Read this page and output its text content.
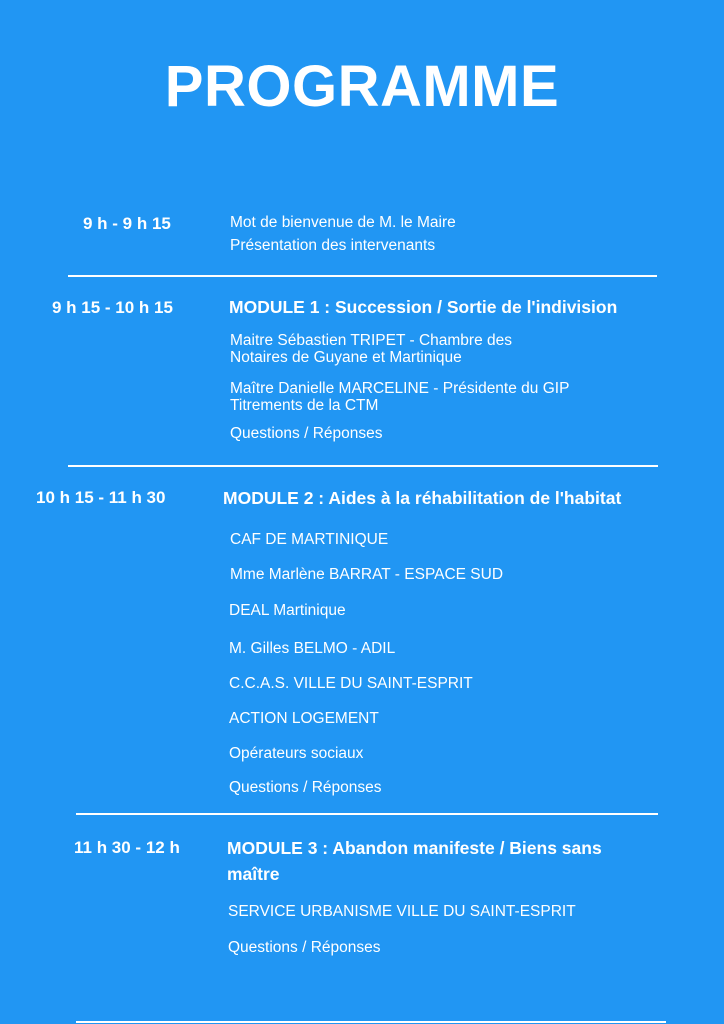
PROGRAMME
9 h - 9 h 15	Mot de bienvenue de M. le Maire
Présentation des intervenants
9 h 15 - 10 h 15	MODULE 1 : Succession / Sortie de l'indivision
Maitre Sébastien TRIPET - Chambre des
Notaires de Guyane et Martinique
Maître Danielle MARCELINE - Présidente du GIP
Titrements de la CTM
Questions / Réponses
10 h 15 - 11 h 30	MODULE 2 : Aides à la réhabilitation de l'habitat
CAF DE MARTINIQUE
Mme Marlène BARRAT - ESPACE SUD
DEAL Martinique
M. Gilles BELMO - ADIL
C.C.A.S. VILLE DU SAINT-ESPRIT
ACTION LOGEMENT
Opérateurs sociaux
Questions / Réponses
11 h 30 - 12 h	MODULE 3 : Abandon manifeste / Biens sans
maître
SERVICE URBANISME VILLE DU SAINT-ESPRIT
Questions / Réponses
